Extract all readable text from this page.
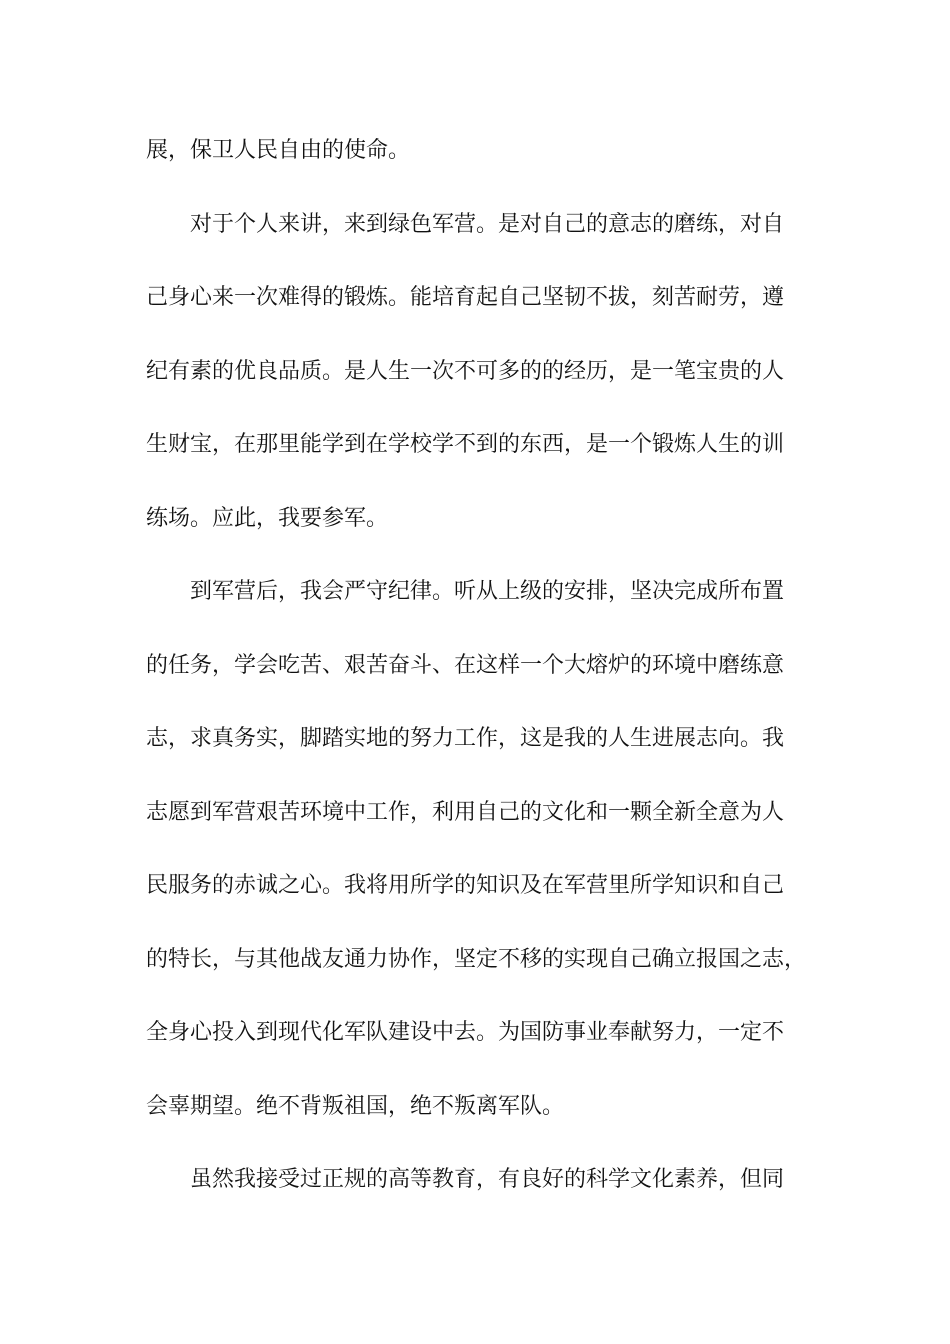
展，保卫人民自由的使命。
对于个人来讲，来到绿色军营。是对自己的意志的磨练，对自
己身心来一次难得的锻炼。能培育起自己坚韧不拔，刻苦耐劳，遵
纪有素的优良品质。是人生一次不可多的的经历，是一笔宝贵的人
生财宝，在那里能学到在学校学不到的东西，是一个锻炼人生的训
练场。应此，我要参军。
到军营后，我会严守纪律。听从上级的安排，坚决完成所布置
的任务，学会吃苦、艰苦奋斗、在这样一个大熔炉的环境中磨练意
志，求真务实，脚踏实地的努力工作，这是我的人生进展志向。我
志愿到军营艰苦环境中工作，利用自己的文化和一颗全新全意为人
民服务的赤诚之心。我将用所学的知识及在军营里所学知识和自己
的特长，与其他战友通力协作，坚定不移的实现自己确立报国之志，
全身心投入到现代化军队建设中去。为国防事业奉献努力，一定不
会辜期望。绝不背叛祖国，绝不叛离军队。
虽然我接受过正规的高等教育，有良好的科学文化素养，但同
